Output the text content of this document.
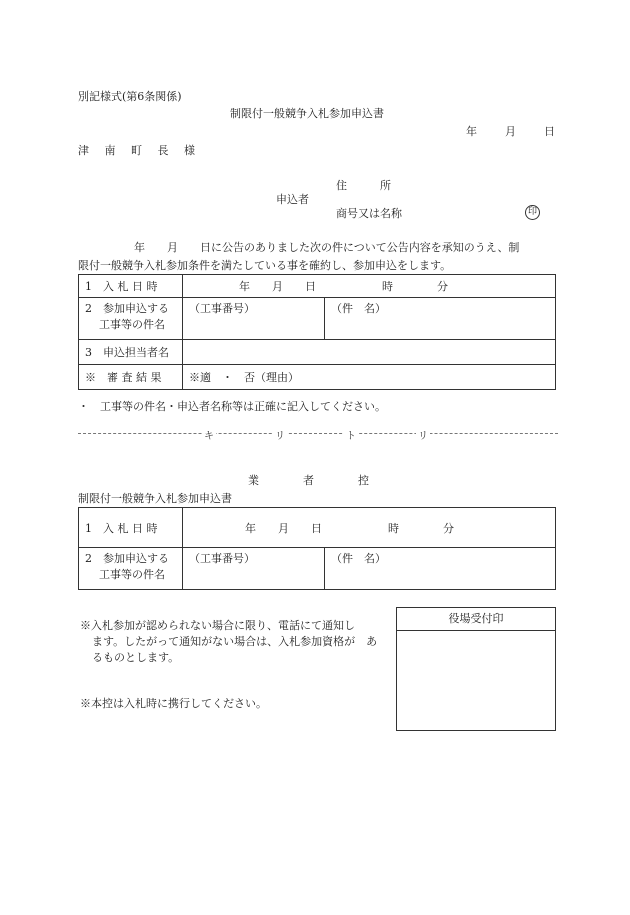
別記様式(第6条関係)
制限付一般競争入札参加申込書
年　　月　　日
津 南 町 長 様
住　　　所
申込者
商号又は名称	印
年　　月　　日に公告のありました次の件について公告内容を承知のうえ、制
限付一般競争入札参加条件を満たしている事を確約し、参加申込をします。
1　入 札 日 時	年　　月　　日　　　　　　時　　　　分	

2　参加申込する
工事等の件名	（工事番号）	（件　名）
3　申込担当者名		
※　審 査 結 果	※適　・　否（理由）	
・　工事等の件名・申込者名称等は正確に記入してください。
キ	リ	ト	リ
業　　　　者　　　　控
制限付一般競争入札参加申込書
1　入 札 日 時	年　　月　　日　　　　　　時　　　　分	

2　参加申込する
工事等の件名	（工事番号）	（件　名）
※入札参加が認められない場合に限り、電話にて通知し
ます。したがって通知がない場合は、入札参加資格が　あ
るものとします。
※本控は入札時に携行してください。
役場受付印
